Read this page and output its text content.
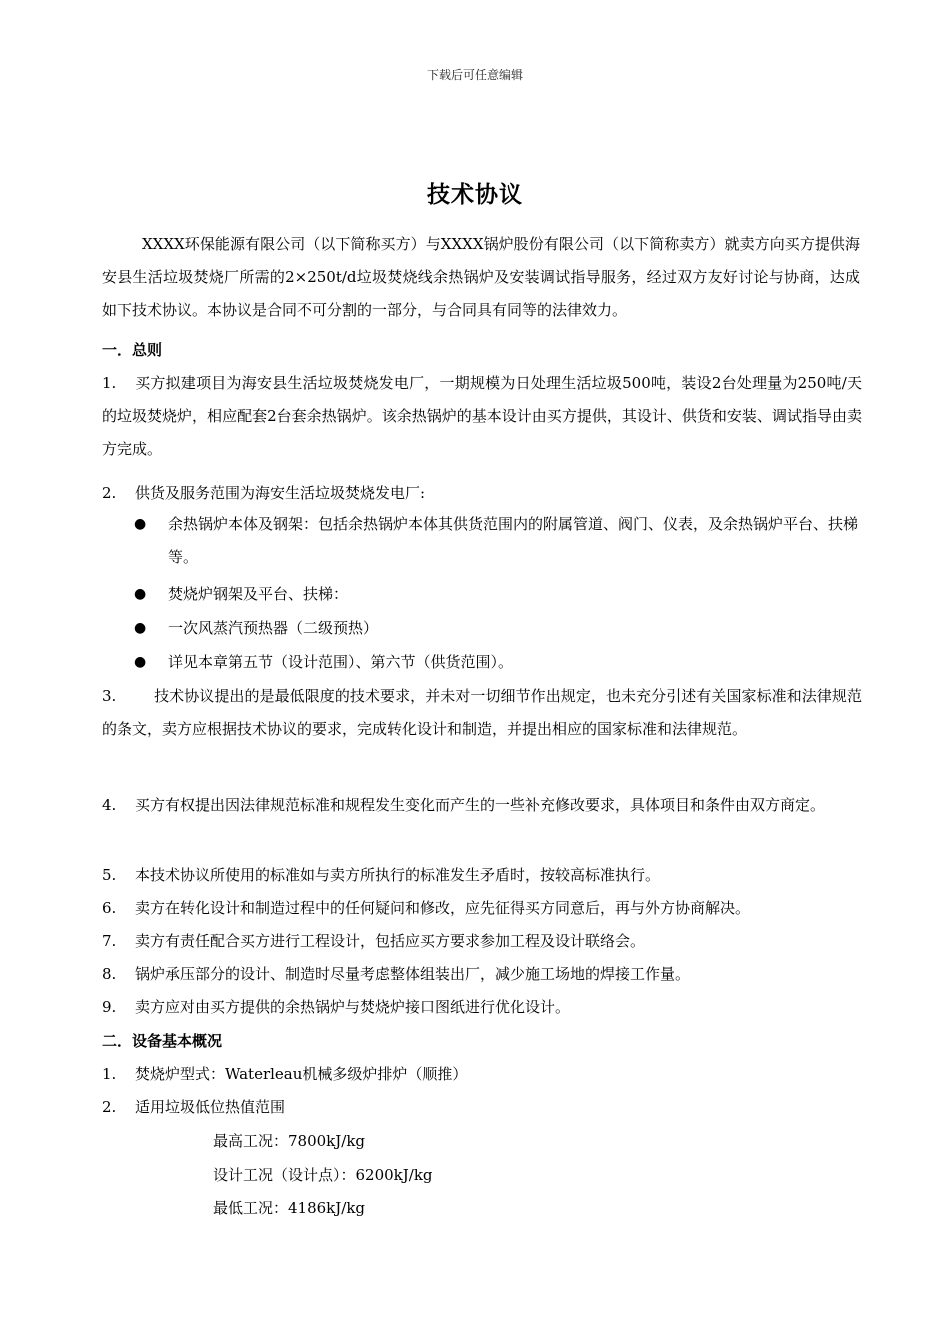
下载后可任意编辑
技术协议

XXXX环保能源有限公司（以下简称买方）与XXXX锅炉股份有限公司（以下简称卖方）就卖方向买方提供海安县生活垃圾焚烧厂所需的2×250t/d垃圾焚烧线余热锅炉及安装调试指导服务，经过双方友好讨论与协商，达成如下技术协议。本协议是合同不可分割的一部分，与合同具有同等的法律效力。

一．总则

1. 买方拟建项目为海安县生活垃圾焚烧发电厂，一期规模为日处理生活垃圾500吨，装设2台处理量为250吨/天的垃圾焚烧炉，相应配套2台套余热锅炉。该余热锅炉的基本设计由买方提供，其设计、供货和安装、调试指导由卖方完成。

2. 供货及服务范围为海安生活垃圾焚烧发电厂:

●	余热锅炉本体及钢架：包括余热锅炉本体其供货范围内的附属管道、阀门、仪表，及余热锅炉平台、扶梯等。
●	焚烧炉钢架及平台、扶梯：
●	一次风蒸汽预热器（二级预热）
●	详见本章第五节（设计范围）、第六节（供货范围）。

3.	技术协议提出的是最低限度的技术要求，并未对一切细节作出规定，也未充分引述有关国家标准和法律规范的条文，卖方应根据技术协议的要求，完成转化设计和制造，并提出相应的国家标准和法律规范。

4. 买方有权提出因法律规范标准和规程发生变化而产生的一些补充修改要求，具体项目和条件由双方商定。

5. 本技术协议所使用的标准如与卖方所执行的标准发生矛盾时，按较高标准执行。

6. 卖方在转化设计和制造过程中的任何疑问和修改，应先征得买方同意后，再与外方协商解决。

7. 卖方有责任配合买方进行工程设计，包括应买方要求参加工程及设计联络会。

8. 锅炉承压部分的设计、制造时尽量考虑整体组装出厂，减少施工场地的焊接工作量。

9. 卖方应对由买方提供的余热锅炉与焚烧炉接口图纸进行优化设计。

二．设备基本概况

1. 焚烧炉型式：Waterleau机械多级炉排炉（顺推）

2. 适用垃圾低位热值范围

最高工况：7800kJ/kg

设计工况（设计点）：6200kJ/kg

最低工况：4186kJ/kg
